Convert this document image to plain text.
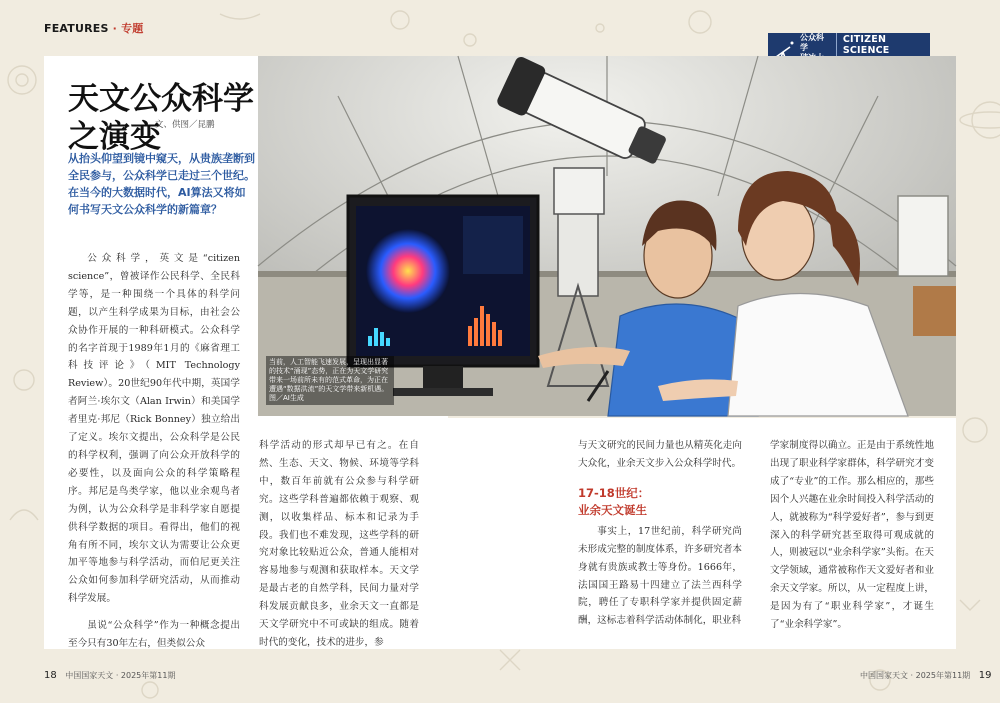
FEATURES · 专题
公众科学
CITIZEN SCIENCE
天文公众科学
之演变
文、供图／昆鹏
从抬头仰望到镜中窥天，从贵族垄断到全民参与，公众科学已走过三个世纪。在当今的大数据时代，AI算法又将如何书写天文公众科学的新篇章？
当前，人工智能飞速发展，呈现出显著的技术“涌现”态势，正在为天文学研究带来一场前所未有的范式革命，为正在遭遇“数据洪流”的天文学带来新机遇。 图／AI生成

公众科学，英文是“citizen science”，曾被译作公民科学、全民科学等，是一种围绕一个具体的科学问题，以产生科学成果为目标，由社会公众协作开展的一种科研模式。公众科学的名字首现于1989年1月的《麻省理工科技评论》（MIT Technology Review）。20世纪90年代中期，英国学者阿兰·埃尔文（Alan Irwin）和美国学者里克·邦尼（Rick Bonney）独立给出了定义。埃尔文提出，公众科学是公民的科学权利，强调了向公众开放科学的必要性，以及面向公众的科学策略程序。邦尼是鸟类学家，他以业余观鸟者为例，认为公众科学是非科学家自愿提供科学数据的项目。看得出，他们的视角有所不同，埃尔文认为需要让公众更加平等地参与科学活动，而伯尼更关注公众如何参加科学研究活动，从而推动科学发展。

虽说“公众科学”作为一种概念提出至今只有30年左右，但类似公众

科学活动的形式却早已有之。在自然、生态、天文、物候、环境等学科中，数百年前就有公众参与科学研究。这些学科普遍都依赖于观察、观测，以收集样品、标本和记录为手段。我们也不难发现，这些学科的研究对象比较贴近公众，普通人能相对容易地参与观测和获取样本。天文学是最古老的自然学科，民间力量对学科发展贡献良多，业余天文一直都是天文学研究中不可或缺的组成。随着时代的变化，技术的进步，参

与天文研究的民间力量也从精英化走向大众化，业余天文步入公众科学时代。

17-18世纪：
业余天文诞生

事实上，17世纪前，科学研究尚未形成完整的制度体系，许多研究者本身就有贵族或教士等身份。1666年，法国国王路易十四建立了法兰西科学院，聘任了专职科学家并提供固定薪酬，这标志着科学活动体制化，职业科

学家制度得以确立。正是由于系统性地出现了职业科学家群体，科学研究才变成了“专业”的工作。那么相应的，那些因个人兴趣在业余时间投入科学活动的人，就被称为“科学爱好者”，参与到更深入的科学研究甚至取得可观成就的人，则被冠以“业余科学家”头衔。在天文学领域，通常被称作天文爱好者和业余天文学家。所以，从一定程度上讲，是因为有了“职业科学家”，才诞生了“业余科学家”。

18 中国国家天文 · 2025年第11期	中国国家天文 · 2025年第11期 19
